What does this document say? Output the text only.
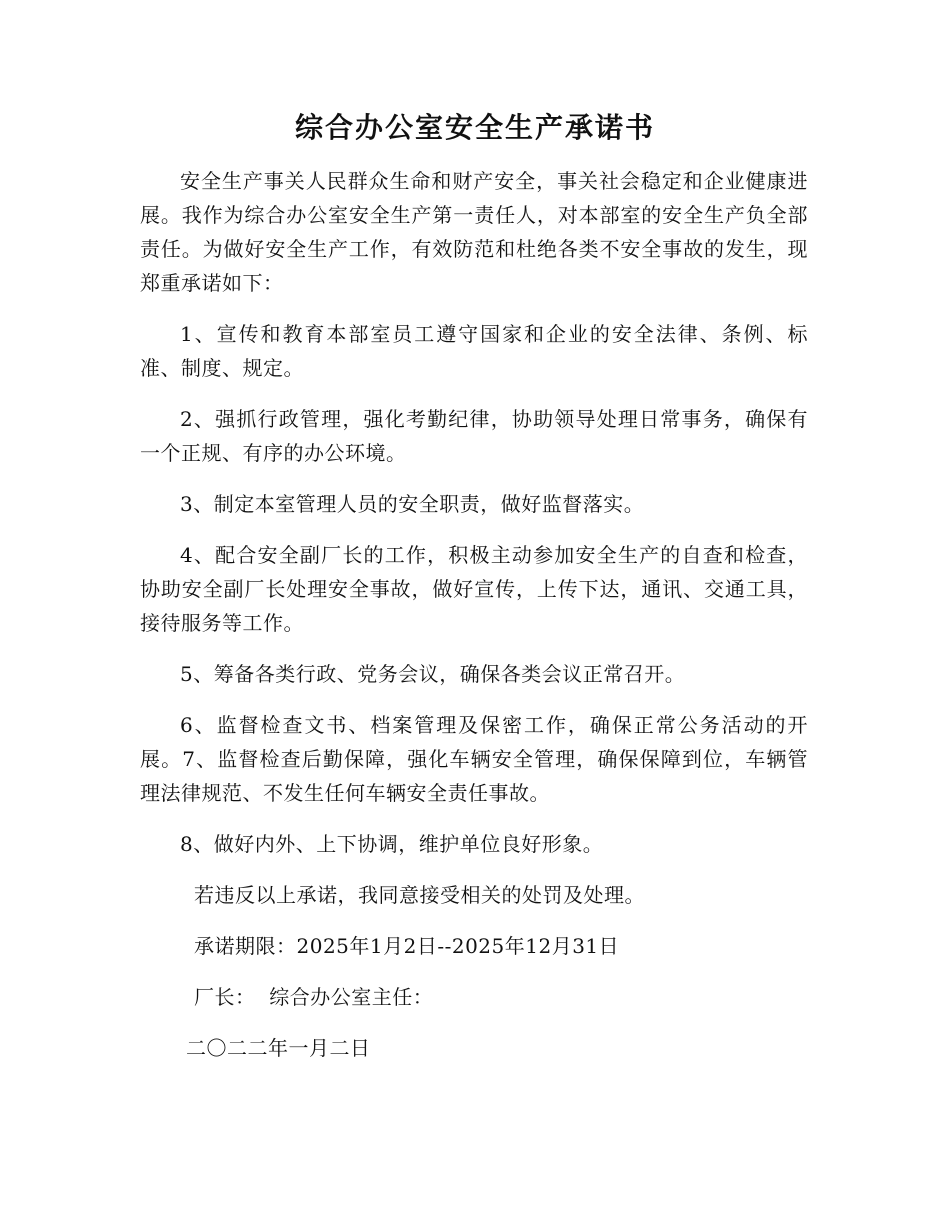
综合办公室安全生产承诺书

安全生产事关人民群众生命和财产安全，事关社会稳定和企业健康进展。我作为综合办公室安全生产第一责任人，对本部室的安全生产负全部责任。为做好安全生产工作，有效防范和杜绝各类不安全事故的发生，现郑重承诺如下：

1、宣传和教育本部室员工遵守国家和企业的安全法律、条例、标准、制度、规定。

2、强抓行政管理，强化考勤纪律，协助领导处理日常事务，确保有一个正规、有序的办公环境。

3、制定本室管理人员的安全职责，做好监督落实。

4、配合安全副厂长的工作，积极主动参加安全生产的自查和检查，协助安全副厂长处理安全事故，做好宣传，上传下达，通讯、交通工具，接待服务等工作。

5、筹备各类行政、党务会议，确保各类会议正常召开。

6、监督检查文书、档案管理及保密工作，确保正常公务活动的开展。7、监督检查后勤保障，强化车辆安全管理，确保保障到位，车辆管理法律规范、不发生任何车辆安全责任事故。

8、做好内外、上下协调，维护单位良好形象。

若违反以上承诺，我同意接受相关的处罚及处理。

承诺期限：2025年1月2日--2025年12月31日

厂长：  综合办公室主任：

二〇二二年一月二日
